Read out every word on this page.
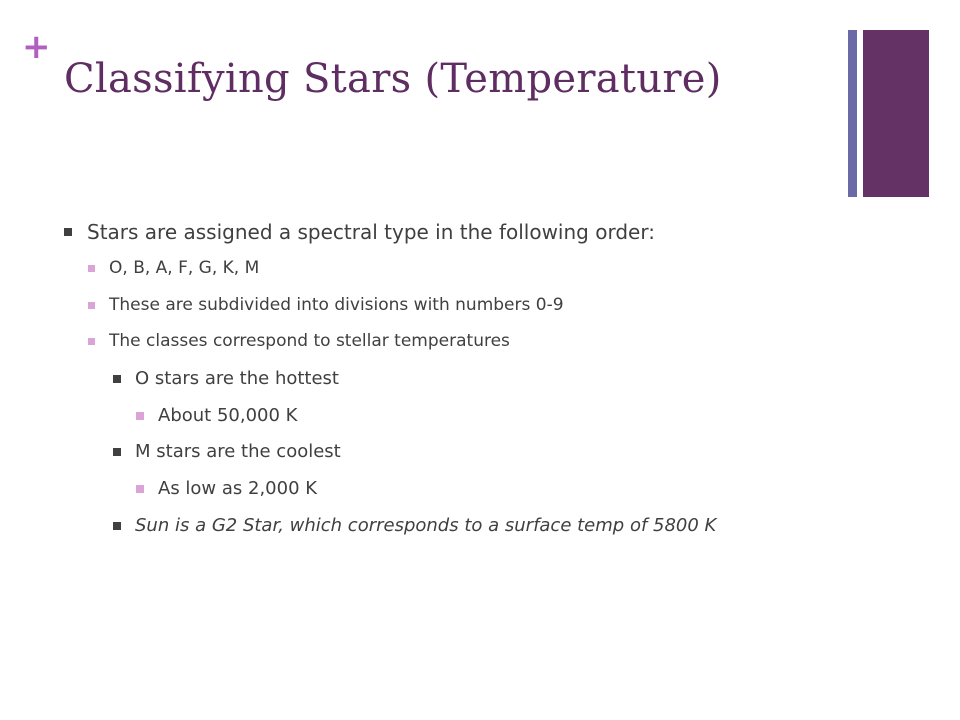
+
Classifying Stars (Temperature)
Stars are assigned a spectral type in the following order:
O, B, A, F, G, K, M
These are subdivided into divisions with numbers 0-9
The classes correspond to stellar temperatures
O stars are the hottest
About 50,000 K
M stars are the coolest
As low as 2,000 K
Sun is a G2 Star, which corresponds to a surface temp of 5800 K
